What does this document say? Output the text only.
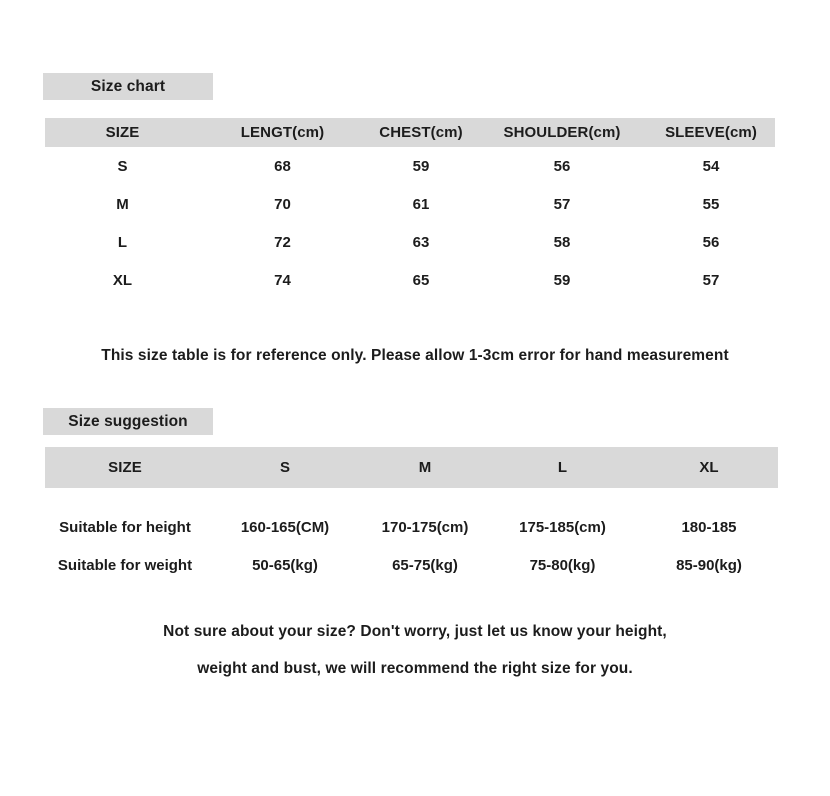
Size chart
SIZE	LENGT(cm)	CHEST(cm)	SHOULDER(cm)	SLEEVE(cm)
S	68	59	56	54
M	70	61	57	55
L	72	63	58	56
XL	74	65	59	57

This size table is for reference only. Please allow 1-3cm error for hand measurement

Size suggestion
SIZE	S	M	L	XL

Suitable for height	160-165(CM)	170-175(cm)	175-185(cm)	180-185
Suitable for weight	50-65(kg)	65-75(kg)	75-80(kg)	85-90(kg)
Not sure about your size? Don't worry, just let us know your height,
weight and bust, we will recommend the right size for you.
